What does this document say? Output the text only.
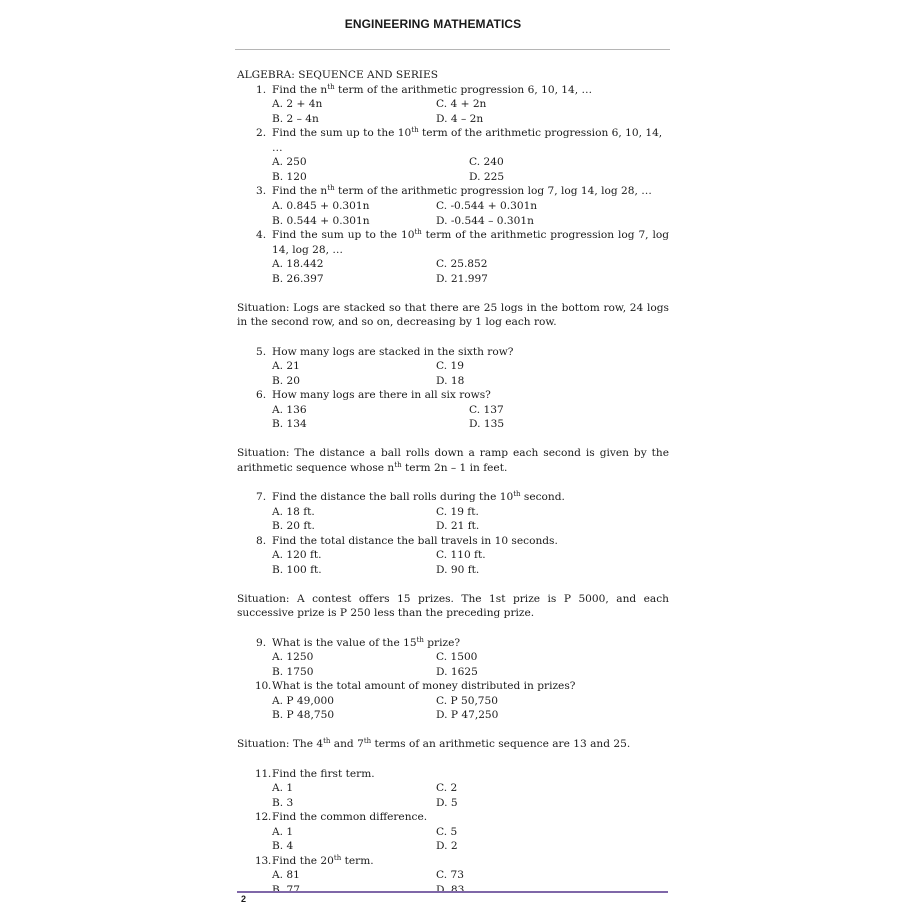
ENGINEERING MATHEMATICS
ALGEBRA: SEQUENCE AND SERIES
1. Find the $n^{th}$ term of the arithmetic progression 6, 10, 14, …
A. 2 + 4n	C. 4 + 2n
B. 2 – 4n	D. 4 – 2n
2. Find the sum up to the 10th term of the arithmetic progression 6, 10, 14, …
A. 250	C. 240
B. 120	D. 225
3. Find the $n^{th}$ term of the arithmetic progression log 7, log 14, log 28, …
A. 0.845 + 0.301n	C. -0.544 + 0.301n
B. 0.544 + 0.301n	D. -0.544 – 0.301n
4. Find the sum up to the 10th term of the arithmetic progression log 7, log 14, log 28, …
A. 18.442	C. 25.852
B. 26.397	D. 21.997
Situation: Logs are stacked so that there are 25 logs in the bottom row, 24 logs in the second row, and so on, decreasing by 1 log each row.
5. How many logs are stacked in the sixth row?
A. 21	C. 19
B. 20	D. 18
6. How many logs are there in all six rows?
A. 136	C. 137
B. 134	D. 135
Situation: The distance a ball rolls down a ramp each second is given by the arithmetic sequence whose $n^{th}$ term 2n – 1 in feet.
7. Find the distance the ball rolls during the 10th second.
A. 18 ft.	C. 19 ft.
B. 20 ft.	D. 21 ft.
8. Find the total distance the ball travels in 10 seconds.
A. 120 ft.	C. 110 ft.
B. 100 ft.	D. 90 ft.
Situation: A contest offers 15 prizes. The 1st prize is P 5000, and each successive prize is P 250 less than the preceding prize.
9. What is the value of the 15th prize?
A. 1250	C. 1500
B. 1750	D. 1625
10. What is the total amount of money distributed in prizes?
A. P 49,000	C. P 50,750
B. P 48,750	D. P 47,250
Situation: The 4th and 7th terms of an arithmetic sequence are 13 and 25.
11. Find the first term.
A. 1	C. 2
B. 3	D. 5
12. Find the common difference.
A. 1	C. 5
B. 4	D. 2
13. Find the 20th term.
A. 81	C. 73
B. 77	D. 83
2
